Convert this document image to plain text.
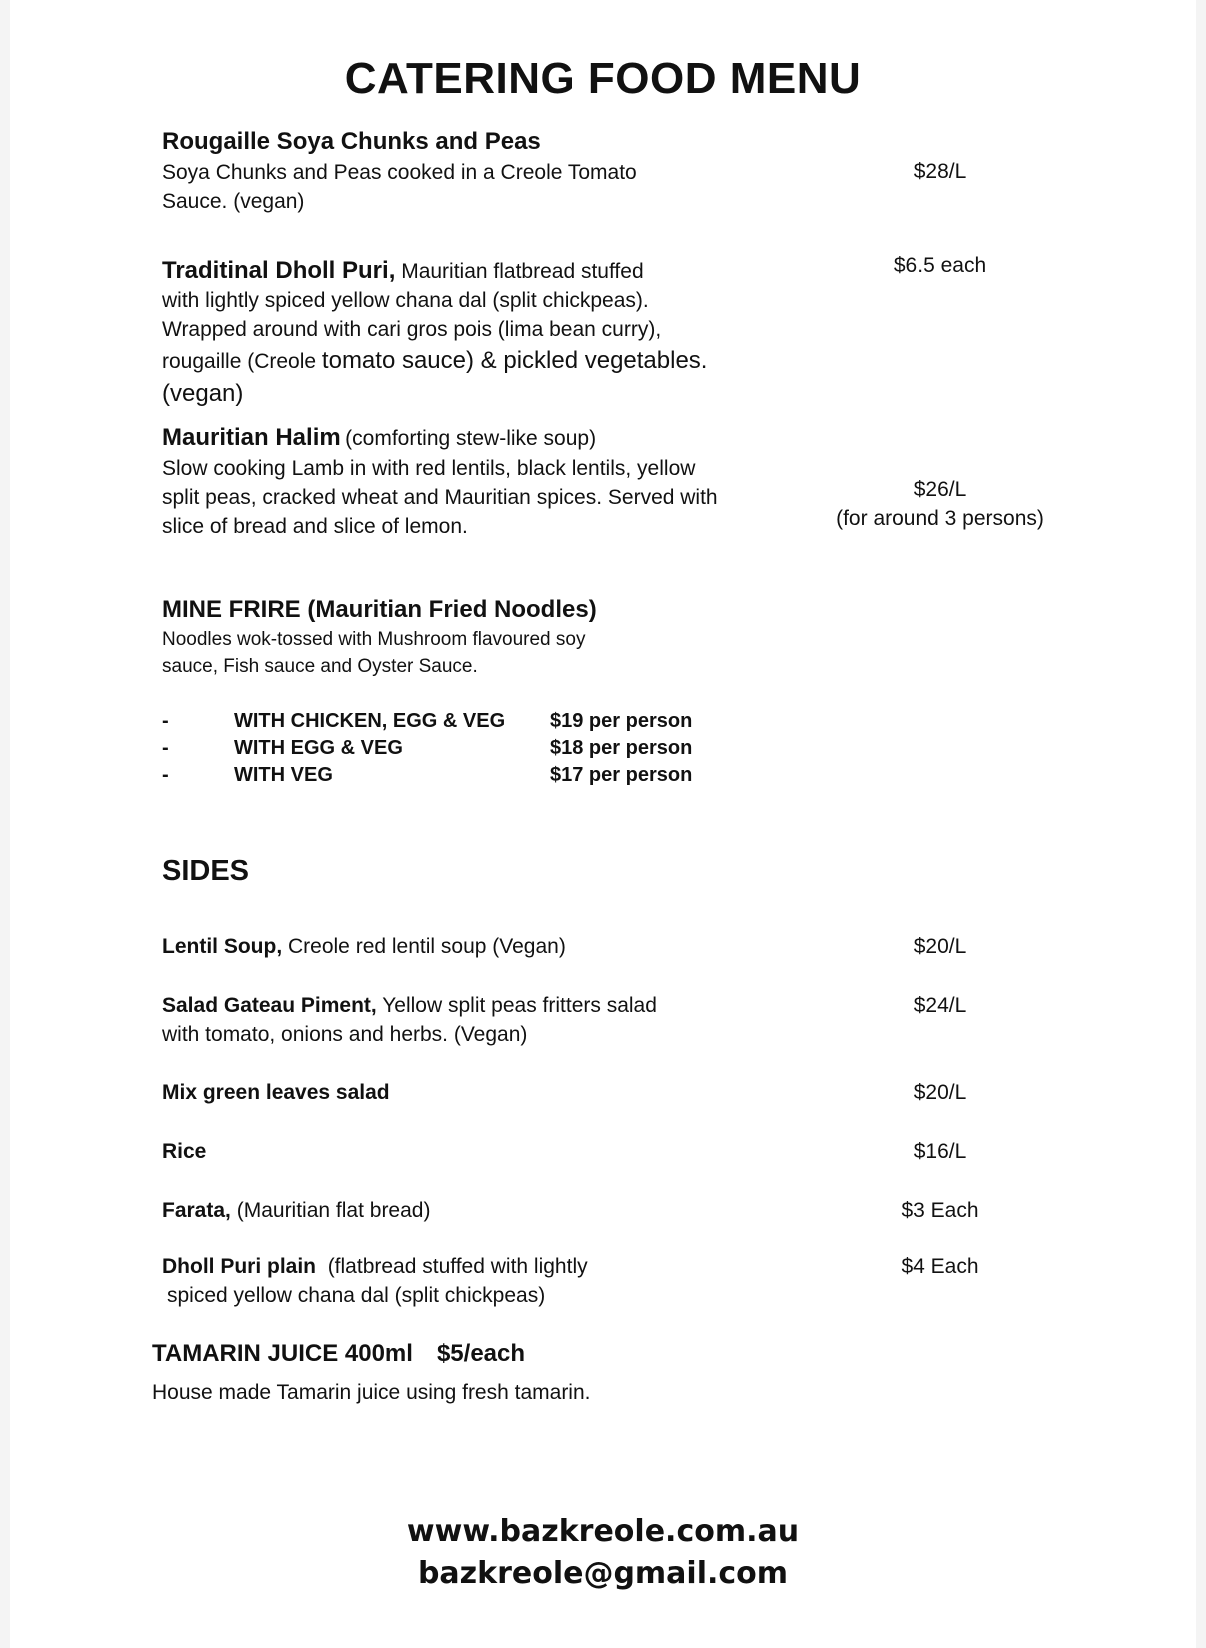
CATERING FOOD MENU
Rougaille Soya Chunks and Peas
Soya Chunks and Peas cooked in a Creole Tomato Sauce. (vegan)
$28/L
Traditinal Dholl Puri, Mauritian flatbread stuffed
with lightly spiced yellow chana dal (split chickpeas). Wrapped around with cari gros pois (lima bean curry), rougaille (Creole tomato sauce) & pickled vegetables. (vegan)
$6.5 each
Mauritian Halim (comforting stew-like soup)
Slow cooking Lamb in with red lentils, black lentils, yellow split peas, cracked wheat and Mauritian spices. Served with slice of bread and slice of lemon.
$26/L
(for around 3 persons)
MINE FRIRE (Mauritian Fried Noodles)
Noodles wok-tossed with Mushroom flavoured soy sauce, Fish sauce and Oyster Sauce.
-	WITH CHICKEN, EGG & VEG $19 per person
-	WITH EGG & VEG	$18 per person
-	WITH VEG	$17 per person
SIDES
Lentil Soup, Creole red lentil soup (Vegan)	$20/L
Salad Gateau Piment, Yellow split peas fritters salad
with tomato, onions and herbs. (Vegan)
$24/L
Mix green leaves salad	$20/L
Rice	$16/L
Farata, (Mauritian flat bread)	$3 Each
Dholl Puri plain (flatbread stuffed with lightly
spiced yellow chana dal (split chickpeas)
$4 Each
TAMARIN JUICE 400ml $5/each
House made Tamarin juice using fresh tamarin.
www.bazkreole.com.au
bazkreole@gmail.com
